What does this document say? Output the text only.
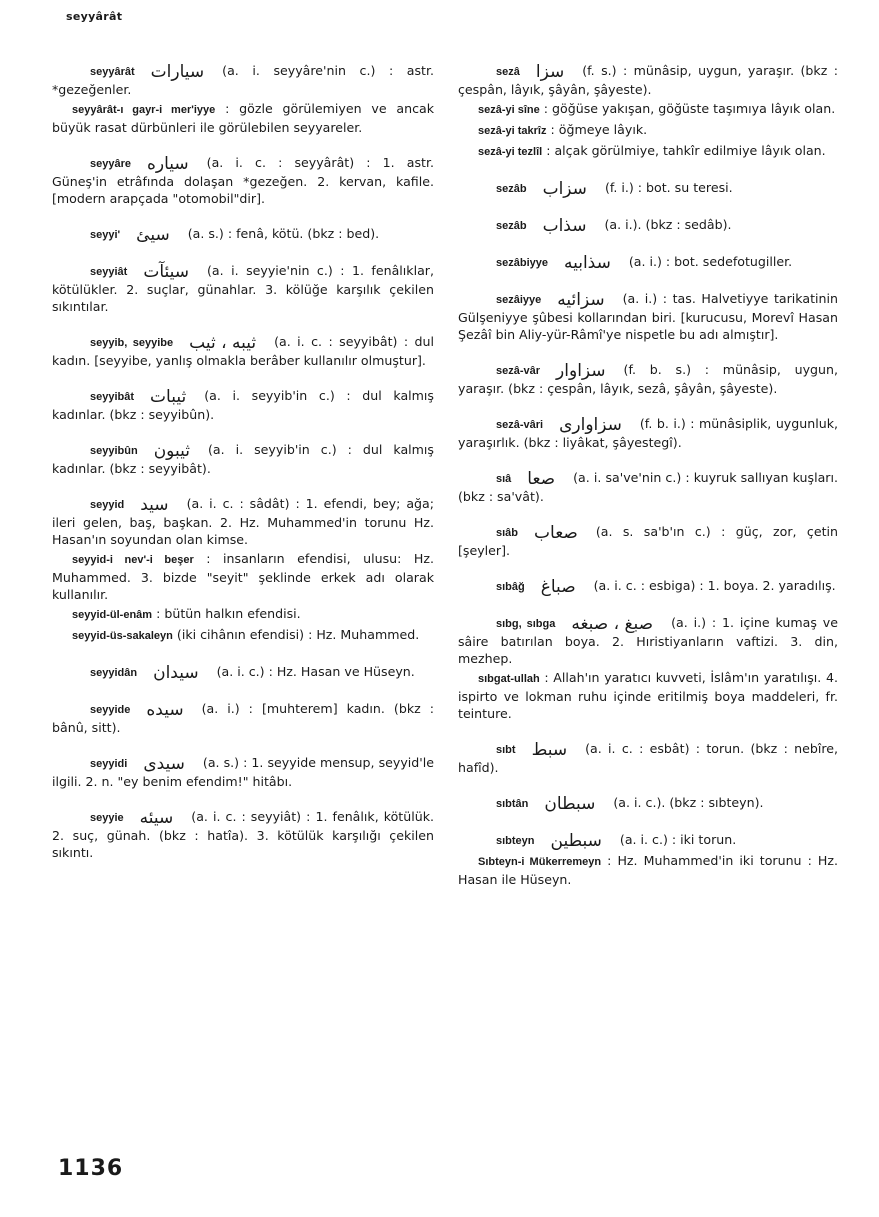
seyyârât

seyyârât سيارات (a. i. seyyâre'nin c.) : astr. *gezeğenler.

seyyârât-ı gayr-i mer'iyye : gözle görülemiyen ve ancak büyük rasat dürbünleri ile görülebilen seyyareler.

seyyâre سياره (a. i. c. : seyyârât) : 1. astr. Güneş'in etrâfında dolaşan *gezeğen. 2. kervan, kafile. [modern arapçada "otomobil"dir].

seyyi' سيئ (a. s.) : fenâ, kötü. (bkz : bed).

seyyiât سيئآت (a. i. seyyie'nin c.) : 1. fenâlıklar, kötülükler. 2. suçlar, günahlar. 3. kölüğe karşılık çekilen sıkıntılar.

seyyib, seyyibe ثيبه ، ثيب (a. i. c. : seyyibât) : dul kadın. [seyyibe, yanlış olmakla berâber kullanılır olmuştur].

seyyibât ثيبات (a. i. seyyib'in c.) : dul kalmış kadınlar. (bkz : seyyibûn).

seyyibûn ثيبون (a. i. seyyib'in c.) : dul kalmış kadınlar. (bkz : seyyibât).

seyyid سيد (a. i. c. : sâdât) : 1. efendi, bey; ağa; ileri gelen, baş, başkan. 2. Hz. Muhammed'in torunu Hz. Hasan'ın soyundan olan kimse.

seyyid-i nev'-i beşer : insanların efendisi, ulusu: Hz. Muhammed. 3. bizde "seyit" şeklinde erkek adı olarak kullanılır.

seyyid-ül-enâm : bütün halkın efendisi.

seyyid-üs-sakaleyn (iki cihânın efendisi) : Hz. Muhammed.

seyyidân سيدان (a. i. c.) : Hz. Hasan ve Hüseyn.

seyyide سيده (a. i.) : [muhterem] kadın. (bkz : bânû, sitt).

seyyidi سيدى (a. s.) : 1. seyyide mensup, seyyid'le ilgili. 2. n. "ey benim efendim!" hitâbı.

seyyie سيئه (a. i. c. : seyyiât) : 1. fenâlık, kötülük. 2. suç, günah. (bkz : hatîa). 3. kötülük karşılığı çekilen sıkıntı.

sezâ سزا (f. s.) : münâsip, uygun, yaraşır. (bkz : çespân, lâyık, şâyân, şâyeste).

sezâ-yi sîne : göğüse yakışan, göğüste taşımıya lâyık olan.

sezâ-yi takrîz : öğmeye lâyık.

sezâ-yi tezlîl : alçak görülmiye, tahkîr edilmiye lâyık olan.

sezâb سزاب (f. i.) : bot. su teresi.

sezâb سذاب (a. i.). (bkz : sedâb).

sezâbiyye سذابيه (a. i.) : bot. sedefotugiller.

sezâiyye سزائيه (a. i.) : tas. Halvetiyye tarikatinin Gülşeniyye şûbesi kollarından biri. [kurucusu, Morevî Hasan Şezâî bin Aliy-yür-Râmî'ye nispetle bu adı almıştır].

sezâ-vâr سزاوار (f. b. s.) : münâsip, uygun, yaraşır. (bkz : çespân, lâyık, sezâ, şâyân, şâyeste).

sezâ-vâri سزاوارى (f. b. i.) : münâsiplik, uygunluk, yaraşırlık. (bkz : liyâkat, şâyestegî).

sıâ صعا (a. i. sa've'nin c.) : kuyruk sallıyan kuşları. (bkz : sa'vât).

sıâb صعاب (a. s. sa'b'ın c.) : güç, zor, çetin [şeyler].

sıbâğ صباغ (a. i. c. : esbiga) : 1. boya. 2. yaradılış.

sıbg, sıbga صبغ ، صبغه (a. i.) : 1. içine kumaş ve sâire batırılan boya. 2. Hıristiyanların vaftizi. 3. din, mezhep.

sıbgat-ullah : Allah'ın yaratıcı kuvveti, İslâm'ın yaratılışı. 4. ispirto ve lokman ruhu içinde eritilmiş boya maddeleri, fr. teinture.

sıbt سبط (a. i. c. : esbât) : torun. (bkz : nebîre, hafîd).

sıbtân سبطان (a. i. c.). (bkz : sıbteyn).

sıbteyn سبطين (a. i. c.) : iki torun.

Sıbteyn-i Mükerremeyn : Hz. Muhammed'in iki torunu : Hz. Hasan ile Hüseyn.

1136
